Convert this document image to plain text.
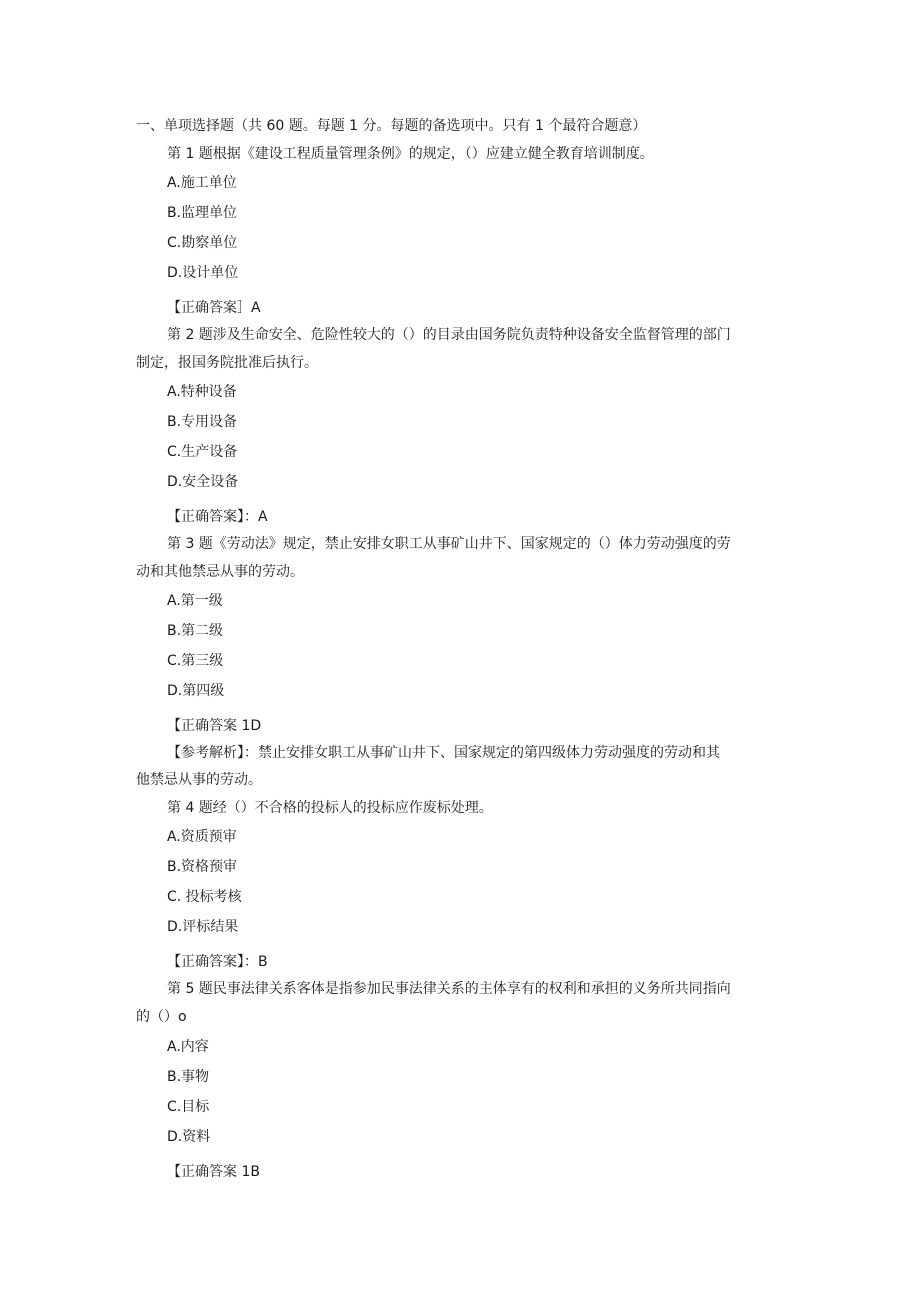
一、单项选择题（共 60 题。每题 1 分。每题的备选项中。只有 1 个最符合题意）
第 1 题根据《建设工程质量管理条例》的规定，（）应建立健全教育培训制度。
A.施工单位
B.监理单位
C.勘察单位
D.设计单位
【正确答案］A
第 2 题涉及生命安全、危险性较大的（）的目录由国务院负责特种设备安全监督管理的部门
制定，报国务院批准后执行。
A.特种设备
B.专用设备
C.生产设备
D.安全设备
【正确答案】：A
第 3 题《劳动法》规定，禁止安排女职工从事矿山井下、国家规定的（）体力劳动强度的劳
动和其他禁忌从事的劳动。
A.第一级
B.第二级
C.第三级
D.第四级
【正确答案 1D
【参考解析】：禁止安排女职工从事矿山井下、国家规定的第四级体力劳动强度的劳动和其
他禁忌从事的劳动。
第 4 题经（）不合格的投标人的投标应作废标处理。
A.资质预审
B.资格预审
C. 投标考核
D.评标结果
【正确答案】：B
第 5 题民事法律关系客体是指参加民事法律关系的主体享有的权利和承担的义务所共同指向
的（）o
A.内容
B.事物
C.目标
D.资料
【正确答案 1B
